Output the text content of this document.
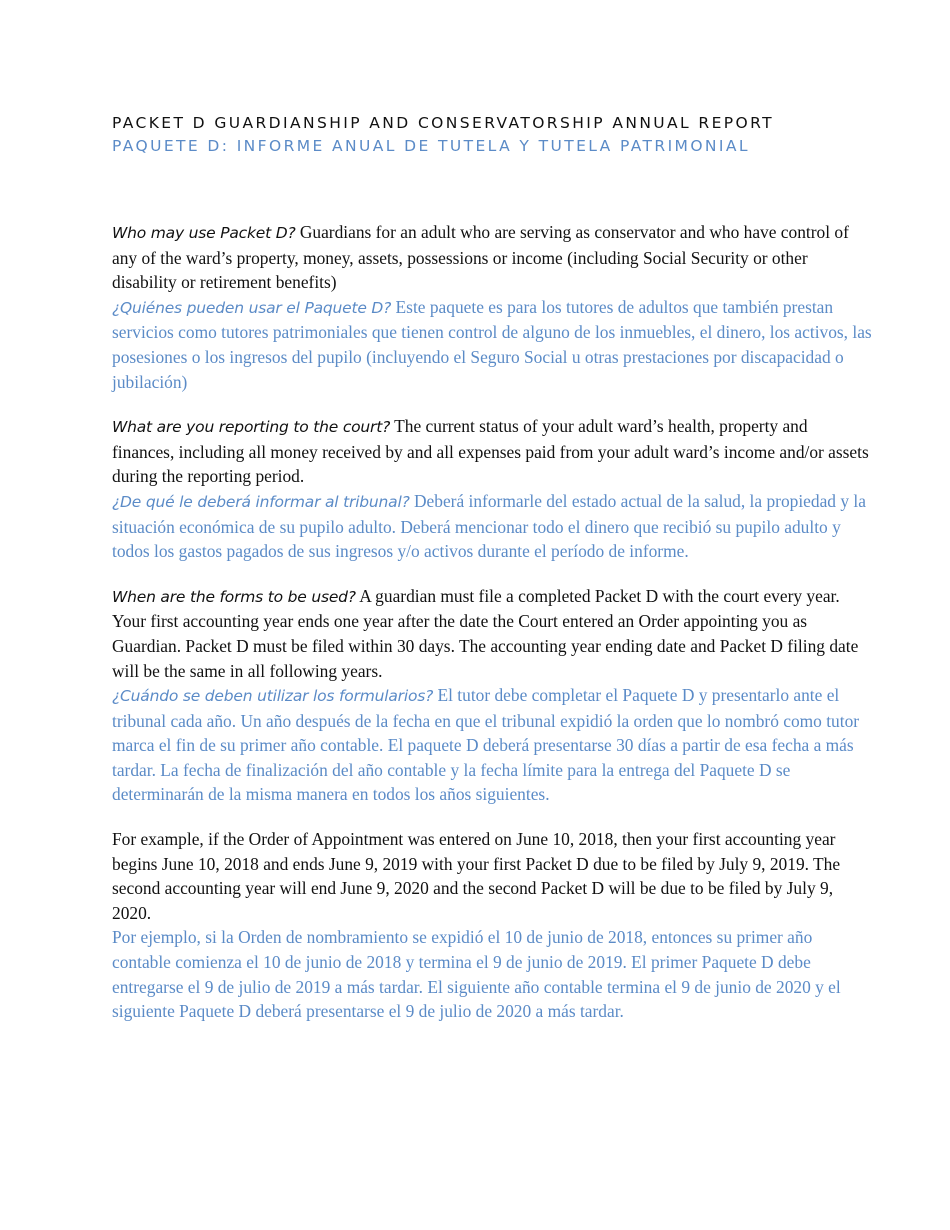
PACKET D GUARDIANSHIP AND CONSERVATORSHIP ANNUAL REPORT
PAQUETE D: INFORME ANUAL DE TUTELA Y TUTELA PATRIMONIAL
Who may use Packet D? Guardians for an adult who are serving as conservator and who have control of any of the ward’s property, money, assets, possessions or income (including Social Security or other disability or retirement benefits)
¿Quiénes pueden usar el Paquete D? Este paquete es para los tutores de adultos que también prestan servicios como tutores patrimoniales que tienen control de alguno de los inmuebles, el dinero, los activos, las posesiones o los ingresos del pupilo (incluyendo el Seguro Social u otras prestaciones por discapacidad o jubilación)
What are you reporting to the court? The current status of your adult ward’s health, property and finances, including all money received by and all expenses paid from your adult ward’s income and/or assets during the reporting period.
¿De qué le deberá informar al tribunal? Deberá informarle del estado actual de la salud, la propiedad y la situación económica de su pupilo adulto. Deberá mencionar todo el dinero que recibió su pupilo adulto y todos los gastos pagados de sus ingresos y/o activos durante el período de informe.
When are the forms to be used? A guardian must file a completed Packet D with the court every year. Your first accounting year ends one year after the date the Court entered an Order appointing you as Guardian. Packet D must be filed within 30 days. The accounting year ending date and Packet D filing date will be the same in all following years.
¿Cuándo se deben utilizar los formularios? El tutor debe completar el Paquete D y presentarlo ante el tribunal cada año. Un año después de la fecha en que el tribunal expidió la orden que lo nombró como tutor marca el fin de su primer año contable. El paquete D deberá presentarse 30 días a partir de esa fecha a más tardar. La fecha de finalización del año contable y la fecha límite para la entrega del Paquete D se determinarán de la misma manera en todos los años siguientes.
For example, if the Order of Appointment was entered on June 10, 2018, then your first accounting year begins June 10, 2018 and ends June 9, 2019 with your first Packet D due to be filed by July 9, 2019. The second accounting year will end June 9, 2020 and the second Packet D will be due to be filed by July 9, 2020.
Por ejemplo, si la Orden de nombramiento se expidió el 10 de junio de 2018, entonces su primer año contable comienza el 10 de junio de 2018 y termina el 9 de junio de 2019. El primer Paquete D debe entregarse el 9 de julio de 2019 a más tardar. El siguiente año contable termina el 9 de junio de 2020 y el siguiente Paquete D deberá presentarse el 9 de julio de 2020 a más tardar.
